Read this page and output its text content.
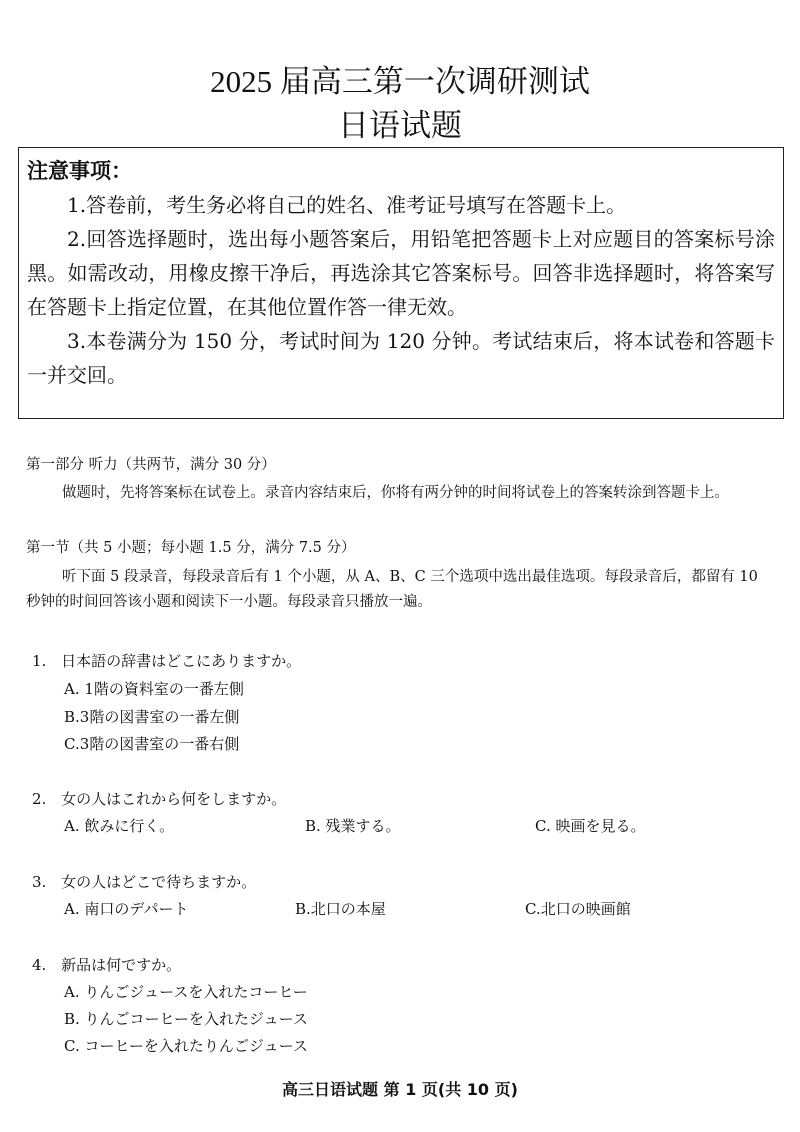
2025 届高三第一次调研测试
日语试题
注意事项：

1.答卷前，考生务必将自己的姓名、准考证号填写在答题卡上。

2.回答选择题时，选出每小题答案后，用铅笔把答题卡上对应题目的答案标号涂黑。如需改动，用橡皮擦干净后，再选涂其它答案标号。回答非选择题时，将答案写在答题卡上指定位置，在其他位置作答一律无效。

3.本卷满分为 150 分，考试时间为 120 分钟。考试结束后，将本试卷和答题卡一并交回。

第一部分 听力（共两节，满分 30 分）
做题时，先将答案标在试卷上。录音内容结束后，你将有两分钟的时间将试卷上的答案转涂到答题卡上。
第一节（共 5 小题；每小题 1.5 分，满分 7.5 分）
听下面 5 段录音，每段录音后有 1 个小题，从 A、B、C 三个选项中选出最佳选项。每段录音后，都留有 10 秒钟的时间回答该小题和阅读下一小题。每段录音只播放一遍。
1. 日本語の辞書はどこにありますか。
A. 1階の資料室の一番左側
B.3階の図書室の一番左側
C.3階の図書室の一番右側
2. 女の人はこれから何をしますか。
A. 飲みに行く。	B. 残業する。	C. 映画を見る。
3. 女の人はどこで待ちますか。
A. 南口のデパート	B.北口の本屋	C.北口の映画館
4. 新品は何ですか。
A. りんごジュースを入れたコーヒー
B. りんごコーヒーを入れたジュース
C. コーヒーを入れたりんごジュース
高三日语试题 第 1 页(共 10 页)
